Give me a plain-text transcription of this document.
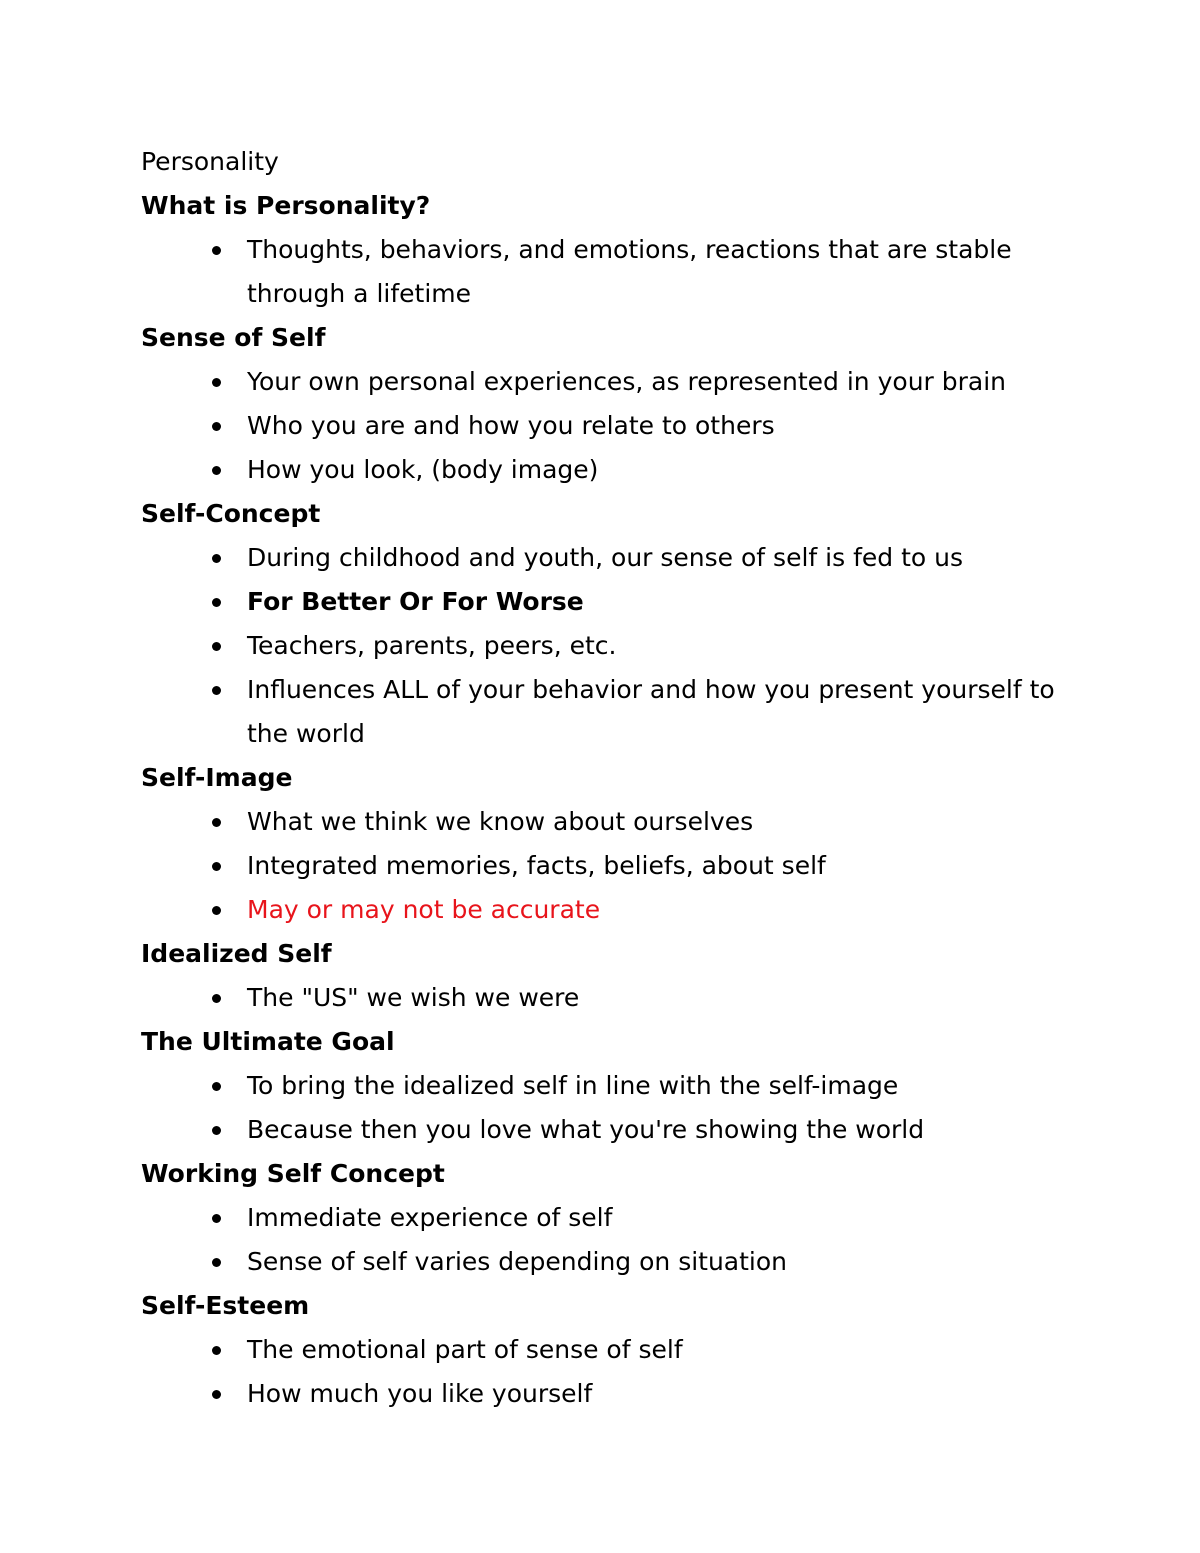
Personality

What is Personality?

Thoughts, behaviors, and emotions, reactions that are stable through a lifetime

Sense of Self

Your own personal experiences, as represented in your brain
Who you are and how you relate to others
How you look, (body image)

Self-Concept

During childhood and youth, our sense of self is fed to us
For Better Or For Worse
Teachers, parents, peers, etc.
Influences ALL of your behavior and how you present yourself to the world

Self-Image

What we think we know about ourselves
Integrated memories, facts, beliefs, about self
May or may not be accurate

Idealized Self

The "US" we wish we were

The Ultimate Goal

To bring the idealized self in line with the self-image
Because then you love what you're showing the world

Working Self Concept

Immediate experience of self
Sense of self varies depending on situation

Self-Esteem

The emotional part of sense of self
How much you like yourself
